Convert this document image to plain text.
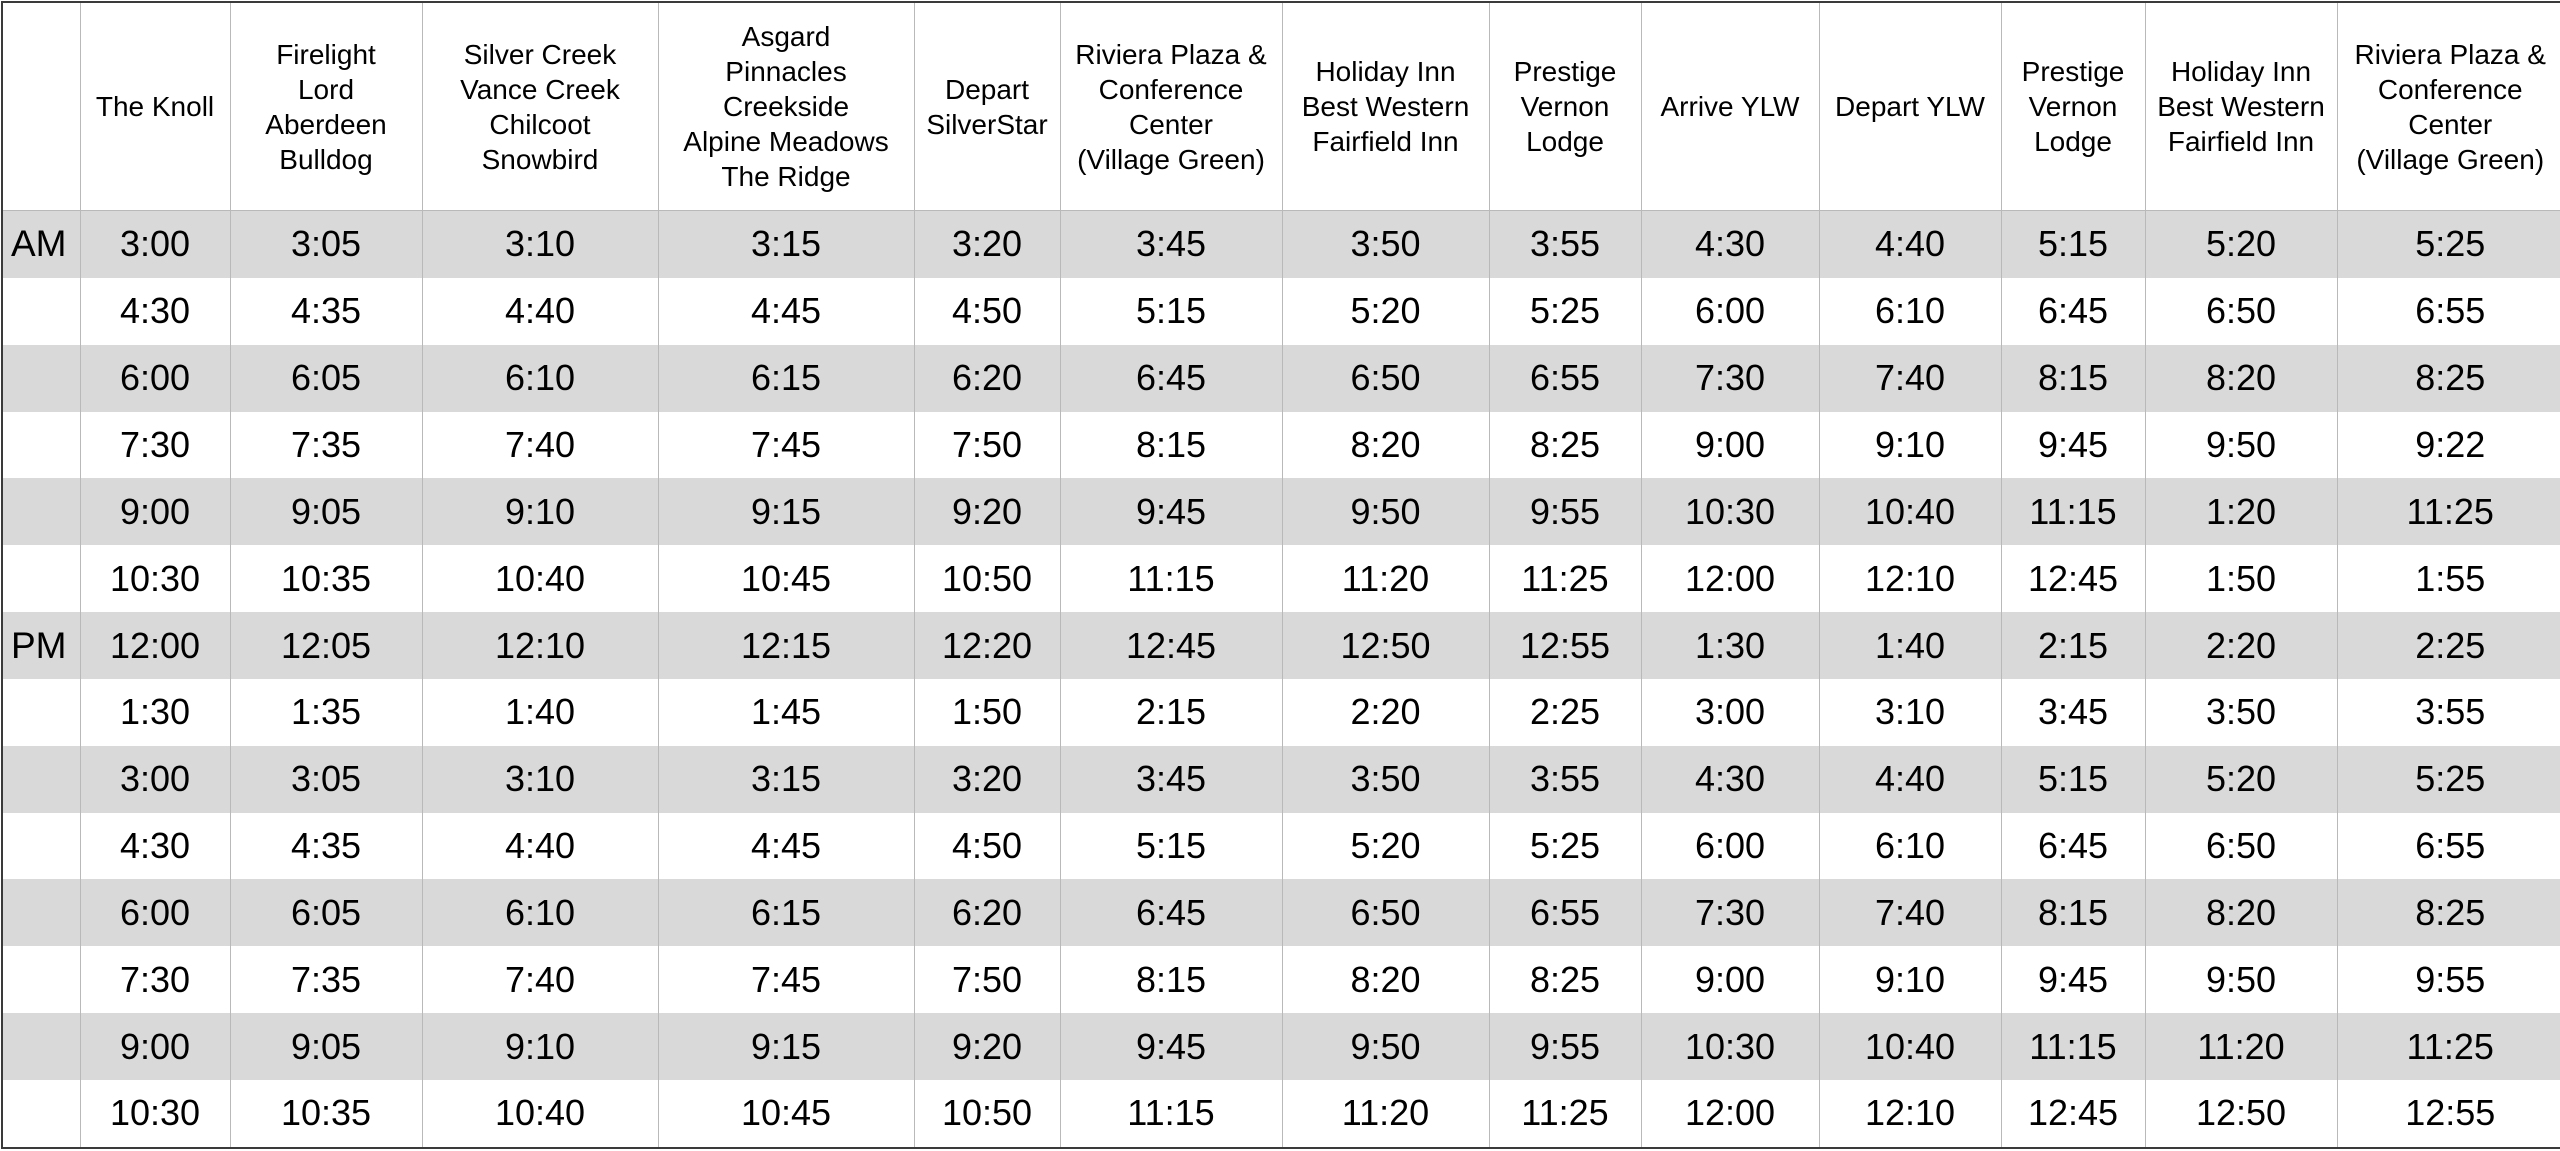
	The Knoll	Firelight
Lord
Aberdeen
Bulldog	Silver Creek
Vance Creek
Chilcoot
Snowbird	Asgard
Pinnacles
Creekside
Alpine Meadows
The Ridge	Depart
SilverStar	Riviera Plaza &
Conference
Center
(Village Green)	Holiday Inn
Best Western
Fairfield Inn	Prestige
Vernon
Lodge	Arrive YLW	Depart YLW	Prestige
Vernon
Lodge	Holiday Inn
Best Western
Fairfield Inn	Riviera Plaza &
Conference
Center
(Village Green)

AM	3:00	3:05	3:10	3:15	3:20	3:45	3:50	3:55	4:30	4:40	5:15	5:20	5:25
	4:30	4:35	4:40	4:45	4:50	5:15	5:20	5:25	6:00	6:10	6:45	6:50	6:55
	6:00	6:05	6:10	6:15	6:20	6:45	6:50	6:55	7:30	7:40	8:15	8:20	8:25
	7:30	7:35	7:40	7:45	7:50	8:15	8:20	8:25	9:00	9:10	9:45	9:50	9:22
	9:00	9:05	9:10	9:15	9:20	9:45	9:50	9:55	10:30	10:40	11:15	1:20	11:25
	10:30	10:35	10:40	10:45	10:50	11:15	11:20	11:25	12:00	12:10	12:45	1:50	1:55
PM	12:00	12:05	12:10	12:15	12:20	12:45	12:50	12:55	1:30	1:40	2:15	2:20	2:25
	1:30	1:35	1:40	1:45	1:50	2:15	2:20	2:25	3:00	3:10	3:45	3:50	3:55
	3:00	3:05	3:10	3:15	3:20	3:45	3:50	3:55	4:30	4:40	5:15	5:20	5:25
	4:30	4:35	4:40	4:45	4:50	5:15	5:20	5:25	6:00	6:10	6:45	6:50	6:55
	6:00	6:05	6:10	6:15	6:20	6:45	6:50	6:55	7:30	7:40	8:15	8:20	8:25
	7:30	7:35	7:40	7:45	7:50	8:15	8:20	8:25	9:00	9:10	9:45	9:50	9:55
	9:00	9:05	9:10	9:15	9:20	9:45	9:50	9:55	10:30	10:40	11:15	11:20	11:25
	10:30	10:35	10:40	10:45	10:50	11:15	11:20	11:25	12:00	12:10	12:45	12:50	12:55
